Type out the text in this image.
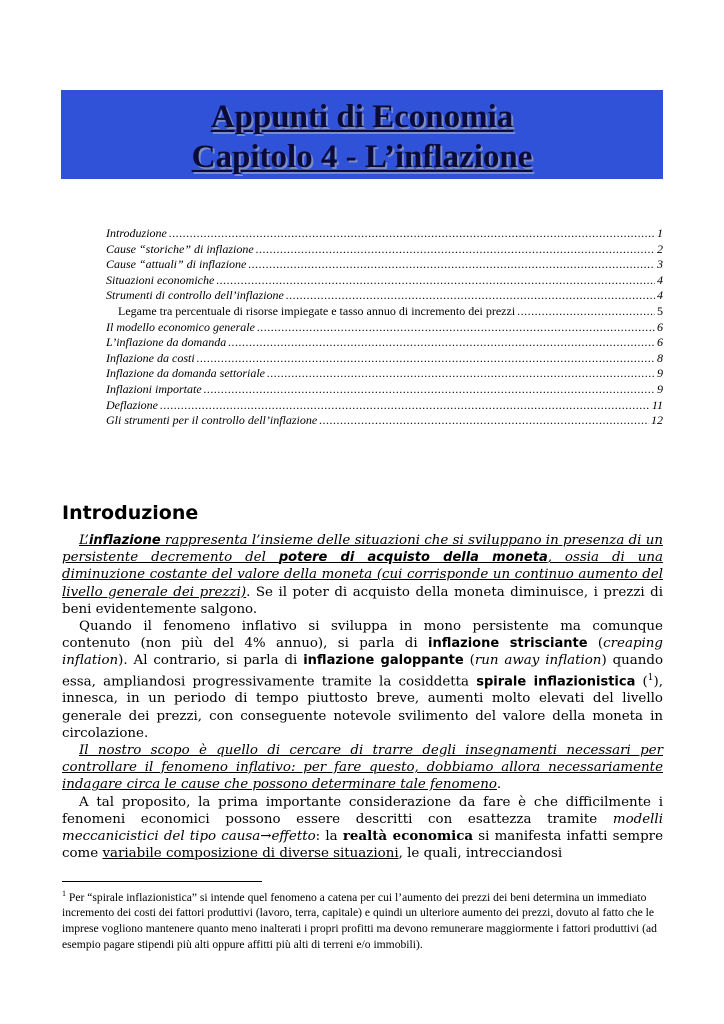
Appunti di Economia
Capitolo 4 - L’inflazione
Introduzione .....	1
Cause “storiche” di inflazione .....	2
Cause “attuali” di inflazione .....	3
Situazioni economiche .....	4
Strumenti di controllo dell’inflazione .....	4
Legame tra percentuale di risorse impiegate e tasso annuo di incremento dei prezzi .....	5
Il modello economico generale .....	6
L’inflazione da domanda .....	6
Inflazione da costi .....	8
Inflazione da domanda settoriale .....	9
Inflazioni importate .....	9
Deflazione .....	11
Gli strumenti per il controllo dell’inflazione .....	12
Introduzione

L’inflazione rappresenta l’insieme delle situazioni che si sviluppano in presenza di un persistente decremento del potere di acquisto della moneta, ossia di una diminuzione costante del valore della moneta (cui corrisponde un continuo aumento del livello generale dei prezzi). Se il poter di acquisto della moneta diminuisce, i prezzi di beni evidentemente salgono.

Quando il fenomeno inflativo si sviluppa in mono persistente ma comunque contenuto (non più del 4% annuo), si parla di inflazione strisciante (creaping inflation). Al contrario, si parla di inflazione galoppante (run away inflation) quando essa, ampliandosi progressivamente tramite la cosiddetta spirale inflazionistica ($^1$), innesca, in un periodo di tempo piuttosto breve, aumenti molto elevati del livello generale dei prezzi, con conseguente notevole svilimento del valore della moneta in circolazione.

Il nostro scopo è quello di cercare di trarre degli insegnamenti necessari per controllare il fenomeno inflativo: per fare questo, dobbiamo allora necessariamente indagare circa le cause che possono determinare tale fenomeno.

A tal proposito, la prima importante considerazione da fare è che difficilmente i fenomeni economici possono essere descritti con esattezza tramite modelli meccanicistici del tipo causa→effetto: la realtà economica si manifesta infatti sempre come variabile composizione di diverse situazioni, le quali, intrecciandosi

$^1$ Per “spirale inflazionistica” si intende quel fenomeno a catena per cui l’aumento dei prezzi dei beni determina un immediato incremento dei costi dei fattori produttivi (lavoro, terra, capitale) e quindi un ulteriore aumento dei prezzi, dovuto al fatto che le imprese vogliono mantenere quanto meno inalterati i propri profitti ma devono remunerare maggiormente i fattori produttivi (ad esempio pagare stipendi più alti oppure affitti più alti di terreni e/o immobili).
